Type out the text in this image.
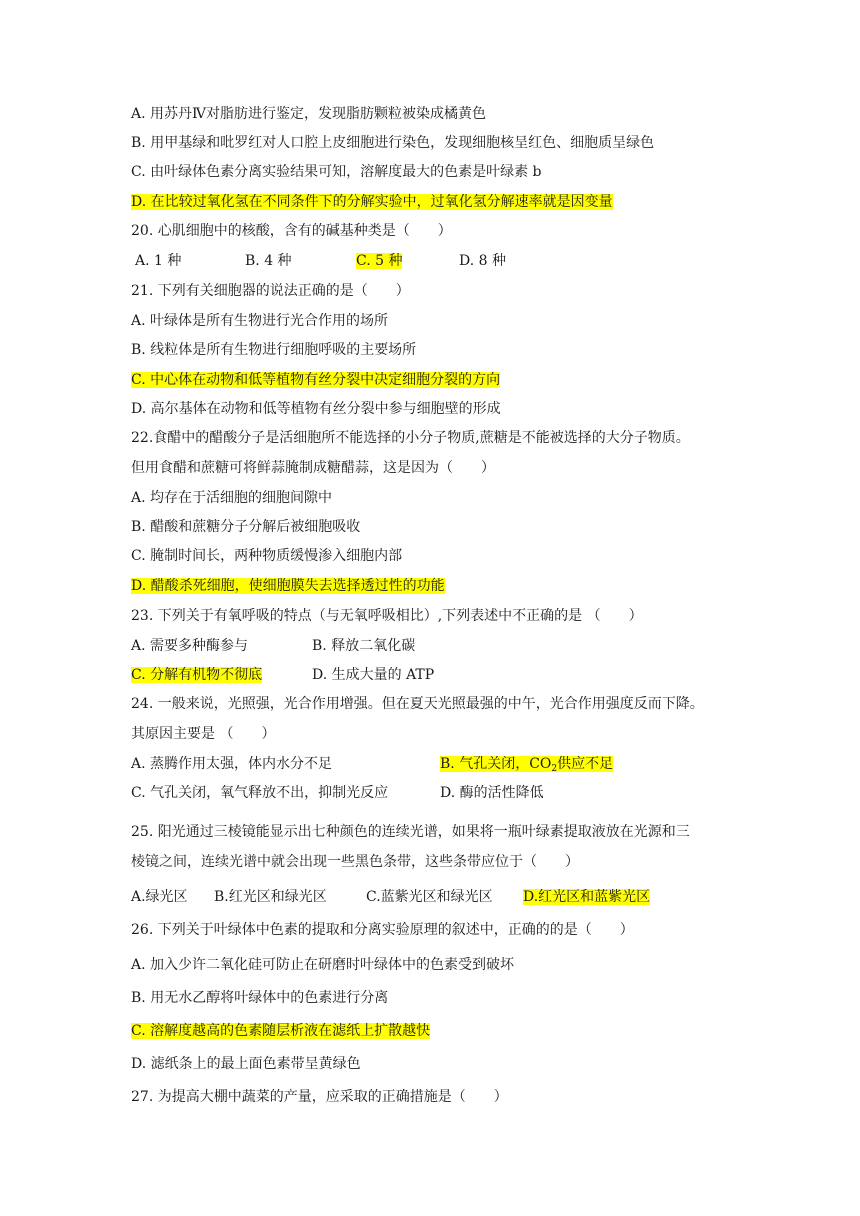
A. 用苏丹Ⅳ对脂肪进行鉴定，发现脂肪颗粒被染成橘黄色
B. 用甲基绿和吡罗红对人口腔上皮细胞进行染色，发现细胞核呈红色、细胞质呈绿色
C. 由叶绿体色素分离实验结果可知，溶解度最大的色素是叶绿素 b
D. 在比较过氧化氢在不同条件下的分解实验中，过氧化氢分解速率就是因变量
20. 心肌细胞中的核酸，含有的碱基种类是（　　）
A. 1 种	B. 4 种	C. 5 种	D. 8 种
21. 下列有关细胞器的说法正确的是（　　）
A. 叶绿体是所有生物进行光合作用的场所
B. 线粒体是所有生物进行细胞呼吸的主要场所
C. 中心体在动物和低等植物有丝分裂中决定细胞分裂的方向
D. 高尔基体在动物和低等植物有丝分裂中参与细胞壁的形成
22.食醋中的醋酸分子是活细胞所不能选择的小分子物质,蔗糖是不能被选择的大分子物质。
但用食醋和蔗糖可将鲜蒜腌制成糖醋蒜，这是因为（　　）
A. 均存在于活细胞的细胞间隙中
B. 醋酸和蔗糖分子分解后被细胞吸收
C. 腌制时间长，两种物质缓慢渗入细胞内部
D. 醋酸杀死细胞，使细胞膜失去选择透过性的功能
23. 下列关于有氧呼吸的特点（与无氧呼吸相比）,下列表述中不正确的是 （　　）
A. 需要多种酶参与	B. 释放二氧化碳
C. 分解有机物不彻底	D. 生成大量的 ATP
24. 一般来说，光照强，光合作用增强。但在夏天光照最强的中午，光合作用强度反而下降。
其原因主要是 （　　）
A. 蒸腾作用太强，体内水分不足	B. 气孔关闭，$CO_2$供应不足
C. 气孔关闭，氧气释放不出，抑制光反应	D. 酶的活性降低
25. 阳光通过三棱镜能显示出七种颜色的连续光谱，如果将一瓶叶绿素提取液放在光源和三
棱镜之间，连续光谱中就会出现一些黑色条带，这些条带应位于（　　）
A.绿光区 B.红光区和绿光区	C.蓝紫光区和绿光区 D.红光区和蓝紫光区
26. 下列关于叶绿体中色素的提取和分离实验原理的叙述中，正确的的是（　　）
A. 加入少许二氧化硅可防止在研磨时叶绿体中的色素受到破坏
B. 用无水乙醇将叶绿体中的色素进行分离
C. 溶解度越高的色素随层析液在滤纸上扩散越快
D. 滤纸条上的最上面色素带呈黄绿色
27. 为提高大棚中蔬菜的产量，应采取的正确措施是（　　）
